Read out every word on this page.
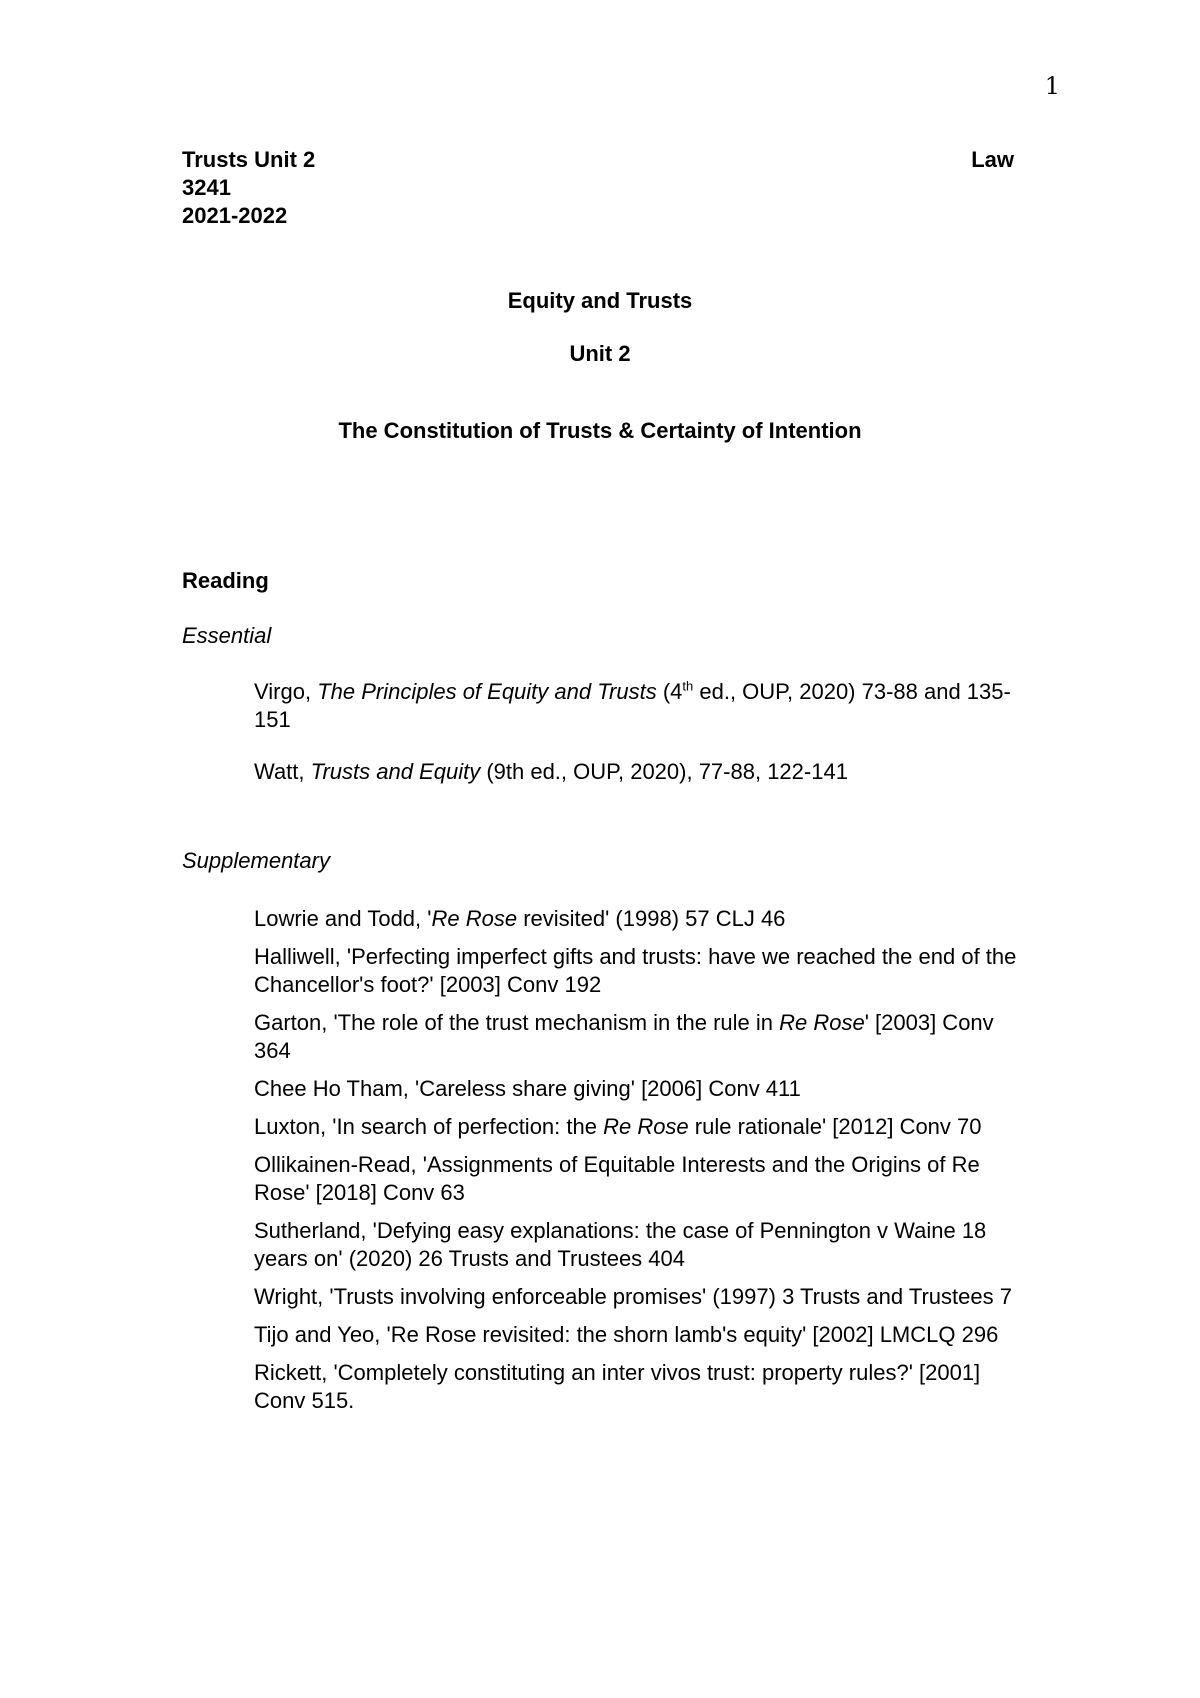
1
Trusts Unit 2	Law
3241
2021-2022
Equity and Trusts
Unit 2
The Constitution of Trusts & Certainty of Intention
Reading
Essential
Virgo, The Principles of Equity and Trusts (4th ed., OUP, 2020) 73-88 and 135-151
Watt, Trusts and Equity (9th ed., OUP, 2020), 77-88, 122-141
Supplementary
Lowrie and Todd, 'Re Rose revisited' (1998) 57 CLJ 46
Halliwell, 'Perfecting imperfect gifts and trusts: have we reached the end of the Chancellor's foot?' [2003] Conv 192
Garton, 'The role of the trust mechanism in the rule in Re Rose' [2003] Conv 364
Chee Ho Tham, 'Careless share giving' [2006] Conv 411
Luxton, 'In search of perfection: the Re Rose rule rationale' [2012] Conv 70
Ollikainen-Read, 'Assignments of Equitable Interests and the Origins of Re Rose' [2018] Conv 63
Sutherland, 'Defying easy explanations: the case of Pennington v Waine 18 years on' (2020) 26 Trusts and Trustees 404
Wright, 'Trusts involving enforceable promises' (1997) 3 Trusts and Trustees 7
Tijo and Yeo, 'Re Rose revisited: the shorn lamb's equity' [2002] LMCLQ 296
Rickett, 'Completely constituting an inter vivos trust: property rules?' [2001] Conv 515.
